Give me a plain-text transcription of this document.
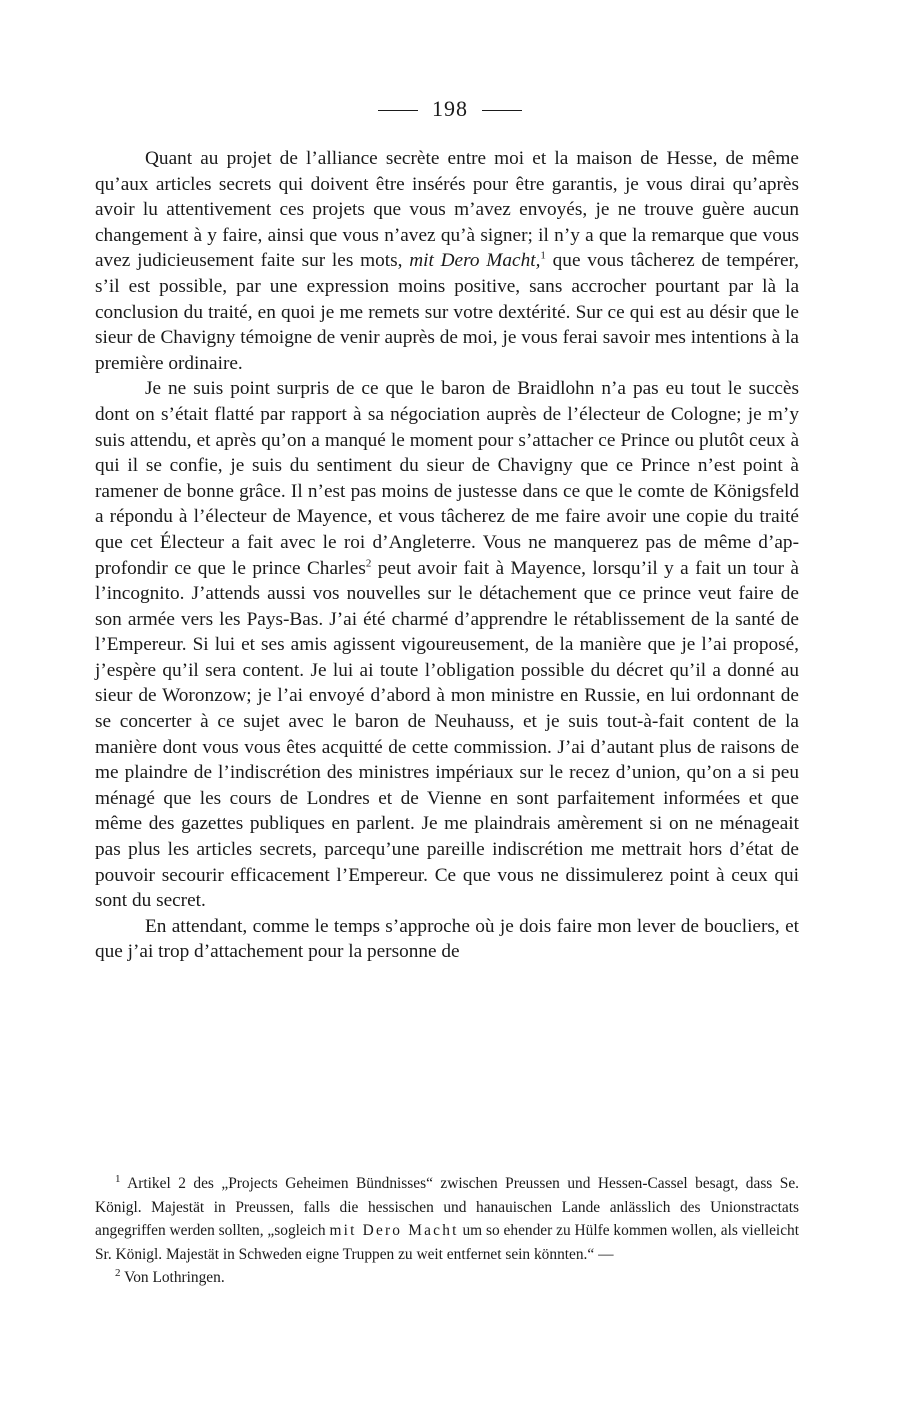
198

Quant au projet de l’alliance secrète entre moi et la maison de Hesse, de même qu’aux articles secrets qui doivent être insérés pour être garantis, je vous dirai qu’après avoir lu attentivement ces projets que vous m’avez envoyés, je ne trouve guère aucun changement à y faire, ainsi que vous n’avez qu’à signer; il n’y a que la remarque que vous avez judicieusement faite sur les mots, mit Dero Macht,$^1$ que vous tâcherez de tempérer, s’il est possible, par une expression moins positive, sans accrocher pourtant par là la conclusion du traité, en quoi je me remets sur votre dextérité. Sur ce qui est au désir que le sieur de Chavigny témoigne de venir auprès de moi, je vous ferai savoir mes intentions à la première ordinaire.

Je ne suis point surpris de ce que le baron de Braidlohn n’a pas eu tout le succès dont on s’était flatté par rapport à sa négociation auprès de l’électeur de Cologne; je m’y suis attendu, et après qu’on a manqué le moment pour s’attacher ce Prince ou plutôt ceux à qui il se confie, je suis du sentiment du sieur de Chavigny que ce Prince n’est point à ramener de bonne grâce. Il n’est pas moins de justesse dans ce que le comte de Königsfeld a répondu à l’électeur de Mayence, et vous tâcherez de me faire avoir une copie du traité que cet Électeur a fait avec le roi d’Angleterre. Vous ne manquerez pas de même d’approfondir ce que le prince Charles$^2$ peut avoir fait à Mayence, lorsqu’il y a fait un tour à l’incognito. J’attends aussi vos nouvelles sur le détachement que ce prince veut faire de son armée vers les Pays-Bas. J’ai été charmé d’apprendre le rétablissement de la santé de l’Empereur. Si lui et ses amis agissent vigoureusement, de la manière que je l’ai proposé, j’espère qu’il sera content. Je lui ai toute l’obligation possible du décret qu’il a donné au sieur de Woronzow; je l’ai envoyé d’abord à mon ministre en Russie, en lui ordonnant de se concerter à ce sujet avec le baron de Neuhauss, et je suis tout-à-fait content de la manière dont vous vous êtes acquitté de cette commission. J’ai d’autant plus de raisons de me plaindre de l’indiscrétion des ministres impériaux sur le recez d’union, qu’on a si peu ménagé que les cours de Londres et de Vienne en sont parfaitement informées et que même des gazettes publiques en parlent. Je me plaindrais amèrement si on ne ménageait pas plus les articles secrets, parcequ’une pareille indiscrétion me mettrait hors d’état de pouvoir secourir efficacement l’Empereur. Ce que vous ne dissimulerez point à ceux qui sont du secret.

En attendant, comme le temps s’approche où je dois faire mon lever de boucliers, et que j’ai trop d’attachement pour la personne de

$^1$ Artikel 2 des „Projects Geheimen Bündnisses“ zwischen Preussen und Hessen-Cassel besagt, dass Se. Königl. Majestät in Preussen, falls die hessischen und hanauischen Lande anlässlich des Unionstractats angegriffen werden sollten, „sogleich mit Dero Macht um so ehender zu Hülfe kommen wollen, als vielleicht Sr. Königl. Majestät in Schweden eigne Truppen zu weit entfernet sein könnten.“ —

$^2$ Von Lothringen.
